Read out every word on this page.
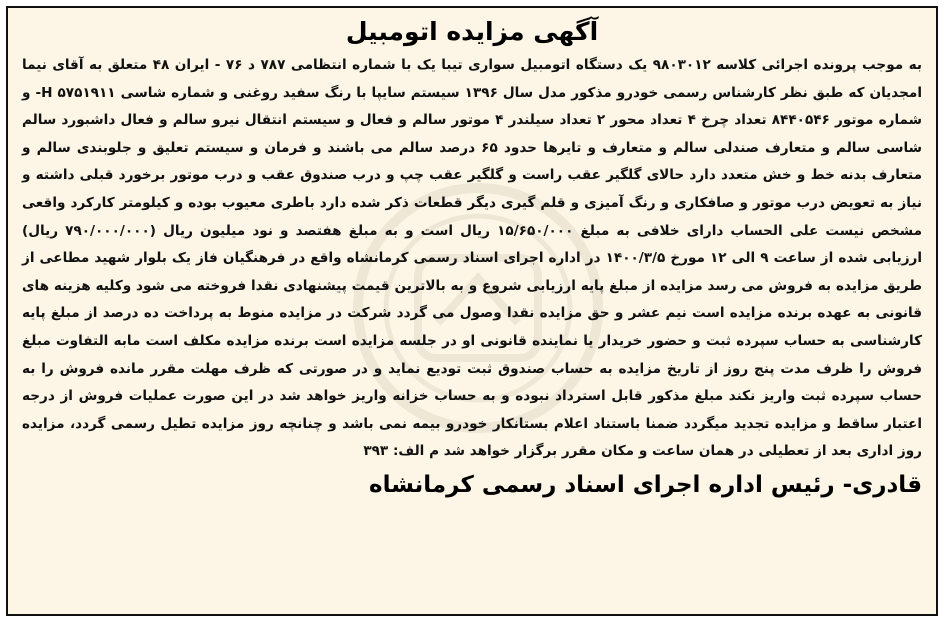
آگهی مزایده اتومبیل

به موجب پرونده اجرائی کلاسه ۹۸۰۳۰۱۲ یک دستگاه اتومبیل سواری تیبا یک با شماره انتظامی ۷۸۷ د ۷۶ - ایران ۴۸ متعلق به آقای نیما امجدیان که طبق نظر کارشناس رسمی خودرو مذکور مدل سال ۱۳۹۶ سیستم سایپا با رنگ سفید روغنی و شماره شاسی ۵۷۵۱۹۱۱ H- و شماره موتور ۸۴۴۰۵۴۶ تعداد چرخ ۴ تعداد محور ۲ تعداد سیلندر ۴ موتور سالم و فعال و سیستم انتقال نیرو سالم و فعال داشبورد سالم شاسی سالم و متعارف صندلی سالم و متعارف و تایرها حدود ۶۵ درصد سالم می باشند و فرمان و سیستم تعلیق و جلوبندی سالم و متعارف بدنه خط و خش متعدد دارد حالای گلگیر عقب راست و گلگیر عقب چپ و درب صندوق عقب و درب موتور برخورد قبلی داشته و نیاز به تعویض درب موتور و صافکاری و رنگ آمیزی و قلم گیری دیگر قطعات ذکر شده دارد باطری معیوب بوده و کیلومتر کارکرد واقعی مشخص نیست علی الحساب دارای خلافی به مبلغ ۱۵/۶۵۰/۰۰۰ ریال است و به مبلغ هفتصد و نود میلیون ریال (۷۹۰/۰۰۰/۰۰۰ ریال) ارزیابی شده از ساعت ۹ الی ۱۲ مورخ ۱۴۰۰/۳/۵ در اداره اجرای اسناد رسمی کرمانشاه واقع در فرهنگیان فاز یک بلوار شهید مطاعی از طریق مزایده به فروش می رسد مزایده از مبلغ پایه ارزیابی شروع و به بالاترین قیمت پیشنهادی نقدا فروخته می شود وکلیه هزینه های قانونی به عهده برنده مزایده است نیم عشر و حق مزایده نقدا وصول می گردد شرکت در مزایده منوط به پرداخت ده درصد از مبلغ پایه کارشناسی به حساب سپرده ثبت و حضور خریدار یا نماینده قانونی او در جلسه مزایده است برنده مزایده مکلف است مابه التفاوت مبلغ فروش را ظرف مدت پنج روز از تاریخ مزایده به حساب صندوق ثبت تودیع نماید و در صورتی که ظرف مهلت مقرر مانده فروش را به حساب سپرده ثبت واریز نکند مبلغ مذکور قابل استرداد نبوده و به حساب خزانه واریز خواهد شد در این صورت عملیات فروش از درجه اعتبار ساقط و مزایده تجدید میگردد ضمنا باستناد اعلام بستانکار خودرو بیمه نمی باشد و چنانچه روز مزایده تطیل رسمی گردد، مزایده روز اداری بعد از تعطیلی در همان ساعت و مکان مقرر برگزار خواهد شد م الف: ۳۹۳

قادری- رئیس اداره اجرای اسناد رسمی کرمانشاه
